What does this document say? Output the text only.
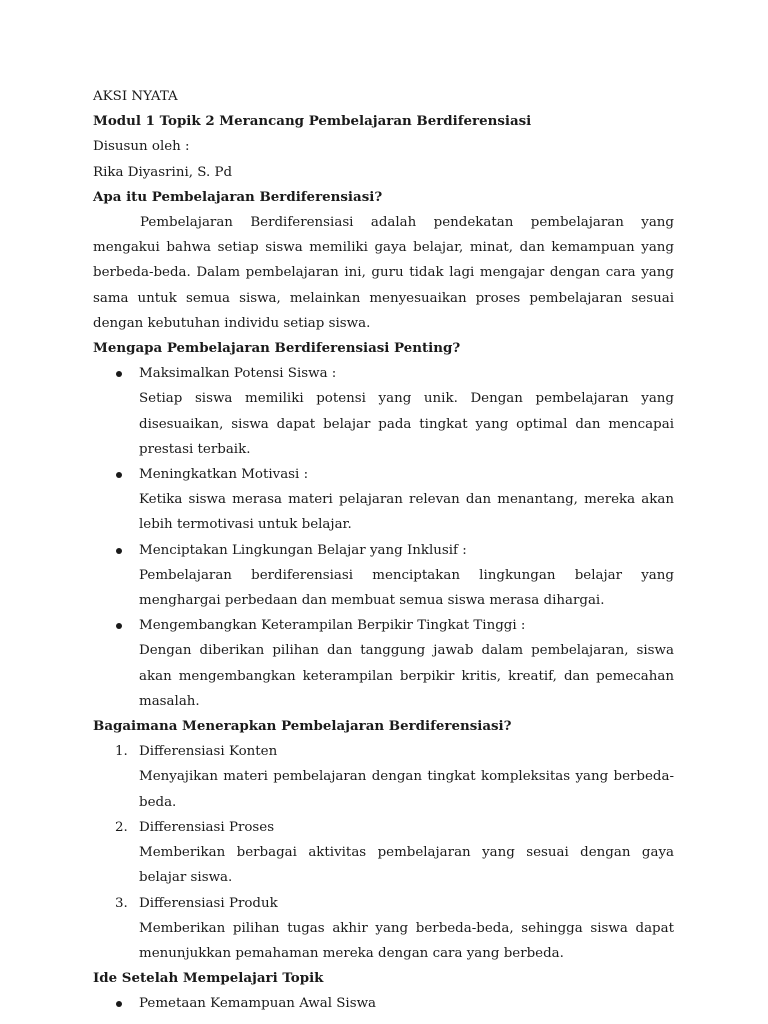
AKSI NYATA

Modul 1 Topik 2 Merancang Pembelajaran Berdiferensiasi

Disusun oleh :

Rika Diyasrini, S. Pd

Apa itu Pembelajaran Berdiferensiasi?

Pembelajaran Berdiferensiasi adalah pendekatan pembelajaran yang mengakui bahwa setiap siswa memiliki gaya belajar, minat, dan kemampuan yang berbeda-beda. Dalam pembelajaran ini, guru tidak lagi mengajar dengan cara yang sama untuk semua siswa, melainkan menyesuaikan proses pembelajaran sesuai dengan kebutuhan individu setiap siswa.

Mengapa Pembelajaran Berdiferensiasi Penting?

Maksimalkan Potensi Siswa :

Setiap siswa memiliki potensi yang unik. Dengan pembelajaran yang disesuaikan, siswa dapat belajar pada tingkat yang optimal dan mencapai prestasi terbaik.

Meningkatkan Motivasi :

Ketika siswa merasa materi pelajaran relevan dan menantang, mereka akan lebih termotivasi untuk belajar.

Menciptakan Lingkungan Belajar yang Inklusif :

Pembelajaran berdiferensiasi menciptakan lingkungan belajar yang menghargai perbedaan dan membuat semua siswa merasa dihargai.

Mengembangkan Keterampilan Berpikir Tingkat Tinggi :

Dengan diberikan pilihan dan tanggung jawab dalam pembelajaran, siswa akan mengembangkan keterampilan berpikir kritis, kreatif, dan pemecahan masalah.

Bagaimana Menerapkan Pembelajaran Berdiferensiasi?

1. Differensiasi Konten

Menyajikan materi pembelajaran dengan tingkat kompleksitas yang berbeda-beda.

2. Differensiasi Proses

Memberikan berbagai aktivitas pembelajaran yang sesuai dengan gaya belajar siswa.

3. Differensiasi Produk

Memberikan pilihan tugas akhir yang berbeda-beda, sehingga siswa dapat menunjukkan pemahaman mereka dengan cara yang berbeda.

Ide Setelah Mempelajari Topik

Pemetaan Kemampuan Awal Siswa
